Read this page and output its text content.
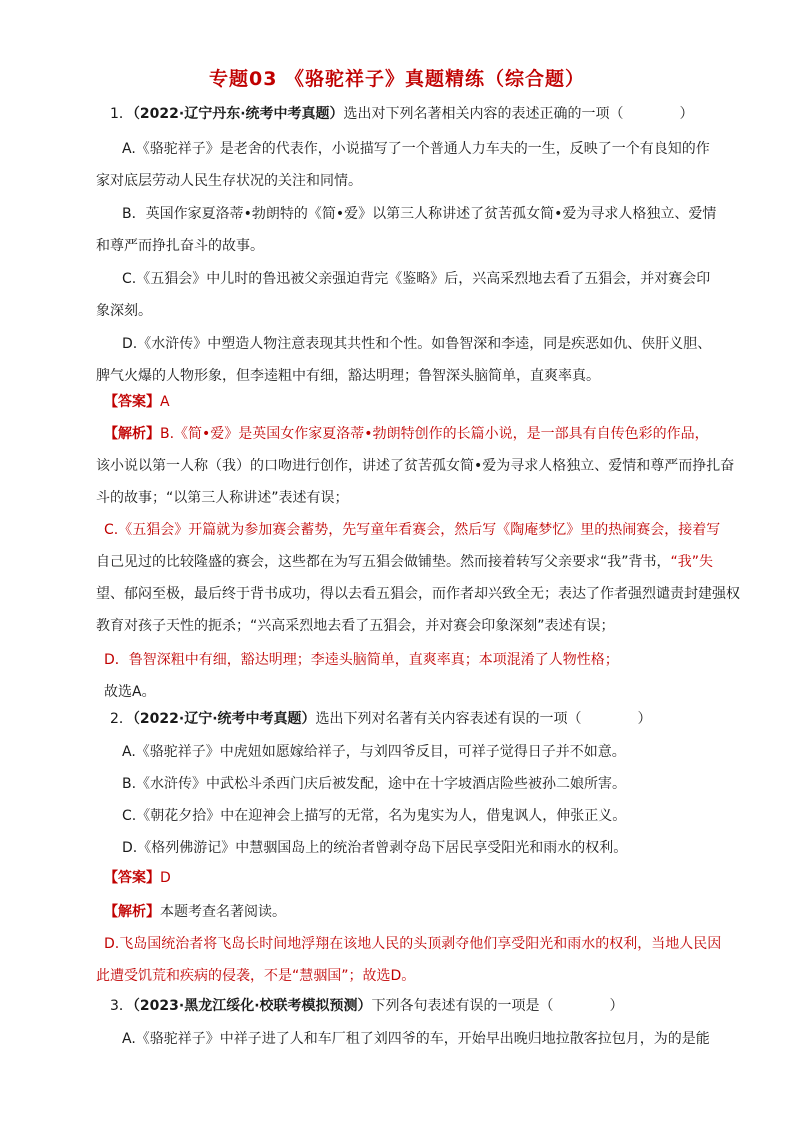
专题03 《骆驼祥子》真题精练（综合题）
1．（2022·辽宁丹东·统考中考真题）选出对下列名著相关内容的表述正确的一项（　　　　）
A.《骆驼祥子》是老舍的代表作，小说描写了一个普通人力车夫的一生，反映了一个有良知的作
家对底层劳动人民生存状况的关注和同情。
B．英国作家夏洛蒂•勃朗特的《简•爱》以第三人称讲述了贫苦孤女简•爱为寻求人格独立、爱情
和尊严而挣扎奋斗的故事。
C.《五猖会》中儿时的鲁迅被父亲强迫背完《鉴略》后，兴高采烈地去看了五猖会，并对赛会印
象深刻。
D.《水浒传》中塑造人物注意表现其共性和个性。如鲁智深和李逵，同是疾恶如仇、侠肝义胆、
脾气火爆的人物形象，但李逵粗中有细，豁达明理；鲁智深头脑简单，直爽率真。
【答案】A
【解析】B.《简•爱》是英国女作家夏洛蒂•勃朗特创作的长篇小说，是一部具有自传色彩的作品，
该小说以第一人称（我）的口吻进行创作，讲述了贫苦孤女简•爱为寻求人格独立、爱情和尊严而挣扎奋
斗的故事；“以第三人称讲述”表述有误；
C.《五猖会》开篇就为参加赛会蓄势，先写童年看赛会，然后写《陶庵梦忆》里的热闹赛会，接着写
自己见过的比较隆盛的赛会，这些都在为写五猖会做铺垫。然而接着转写父亲要求“我”背书，“我”失
望、郁闷至极，最后终于背书成功，得以去看五猖会，而作者却兴致全无；表达了作者强烈谴责封建强权
教育对孩子天性的扼杀；“兴高采烈地去看了五猖会，并对赛会印象深刻”表述有误；
D．鲁智深粗中有细，豁达明理；李逵头脑简单，直爽率真；本项混淆了人物性格；
故选A。
2．（2022·辽宁·统考中考真题）选出下列对名著有关内容表述有误的一项（　　　　）
A.《骆驼祥子》中虎妞如愿嫁给祥子，与刘四爷反目，可祥子觉得日子并不如意。
B.《水浒传》中武松斗杀西门庆后被发配，途中在十字坡酒店险些被孙二娘所害。
C.《朝花夕拾》中在迎神会上描写的无常，名为鬼实为人，借鬼讽人，伸张正义。
D.《格列佛游记》中慧骃国岛上的统治者曾剥夺岛下居民享受阳光和雨水的权利。
【答案】D
【解析】本题考查名著阅读。
D.飞岛国统治者将飞岛长时间地浮翔在该地人民的头顶剥夺他们享受阳光和雨水的权利，当地人民因
此遭受饥荒和疾病的侵袭，不是“慧骃国”；故选D。
3．（2023·黑龙江绥化·校联考模拟预测）下列各句表述有误的一项是（　　　　）
A.《骆驼祥子》中祥子进了人和车厂租了刘四爷的车，开始早出晚归地拉散客拉包月，为的是能
